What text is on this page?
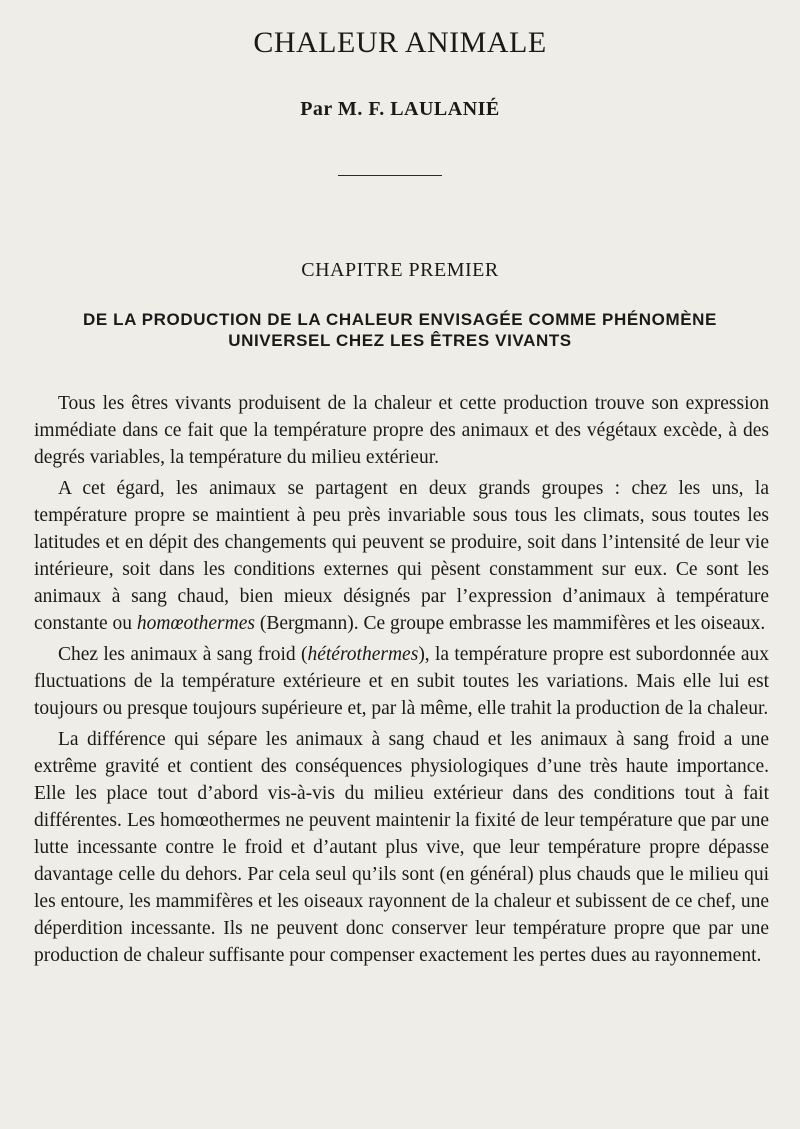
CHALEUR ANIMALE
Par M. F. LAULANIÉ
CHAPITRE PREMIER
DE LA PRODUCTION DE LA CHALEUR ENVISAGÉE COMME PHÉNOMÈNE UNIVERSEL CHEZ LES ÊTRES VIVANTS

Tous les êtres vivants produisent de la chaleur et cette production trouve son expression immédiate dans ce fait que la température propre des animaux et des végétaux excède, à des degrés variables, la température du milieu extérieur.

A cet égard, les animaux se partagent en deux grands groupes : chez les uns, la température propre se maintient à peu près invariable sous tous les climats, sous toutes les latitudes et en dépit des changements qui peuvent se produire, soit dans l’intensité de leur vie intérieure, soit dans les conditions externes qui pèsent constamment sur eux. Ce sont les animaux à sang chaud, bien mieux désignés par l’expression d’animaux à température constante ou homœothermes (Bergmann). Ce groupe embrasse les mammifères et les oiseaux.

Chez les animaux à sang froid (hétérothermes), la température propre est subordonnée aux fluctuations de la température extérieure et en subit toutes les variations. Mais elle lui est toujours ou presque toujours supérieure et, par là même, elle trahit la production de la chaleur.

La différence qui sépare les animaux à sang chaud et les animaux à sang froid a une extrême gravité et contient des conséquences physiologiques d’une très haute importance. Elle les place tout d’abord vis-à-vis du milieu extérieur dans des conditions tout à fait différentes. Les homœothermes ne peuvent maintenir la fixité de leur température que par une lutte incessante contre le froid et d’autant plus vive, que leur température propre dépasse davantage celle du dehors. Par cela seul qu’ils sont (en général) plus chauds que le milieu qui les entoure, les mammifères et les oiseaux rayonnent de la chaleur et subissent de ce chef, une déperdition incessante. Ils ne peuvent donc conserver leur température propre que par une production de chaleur suffisante pour compenser exactement les pertes dues au rayonnement.
